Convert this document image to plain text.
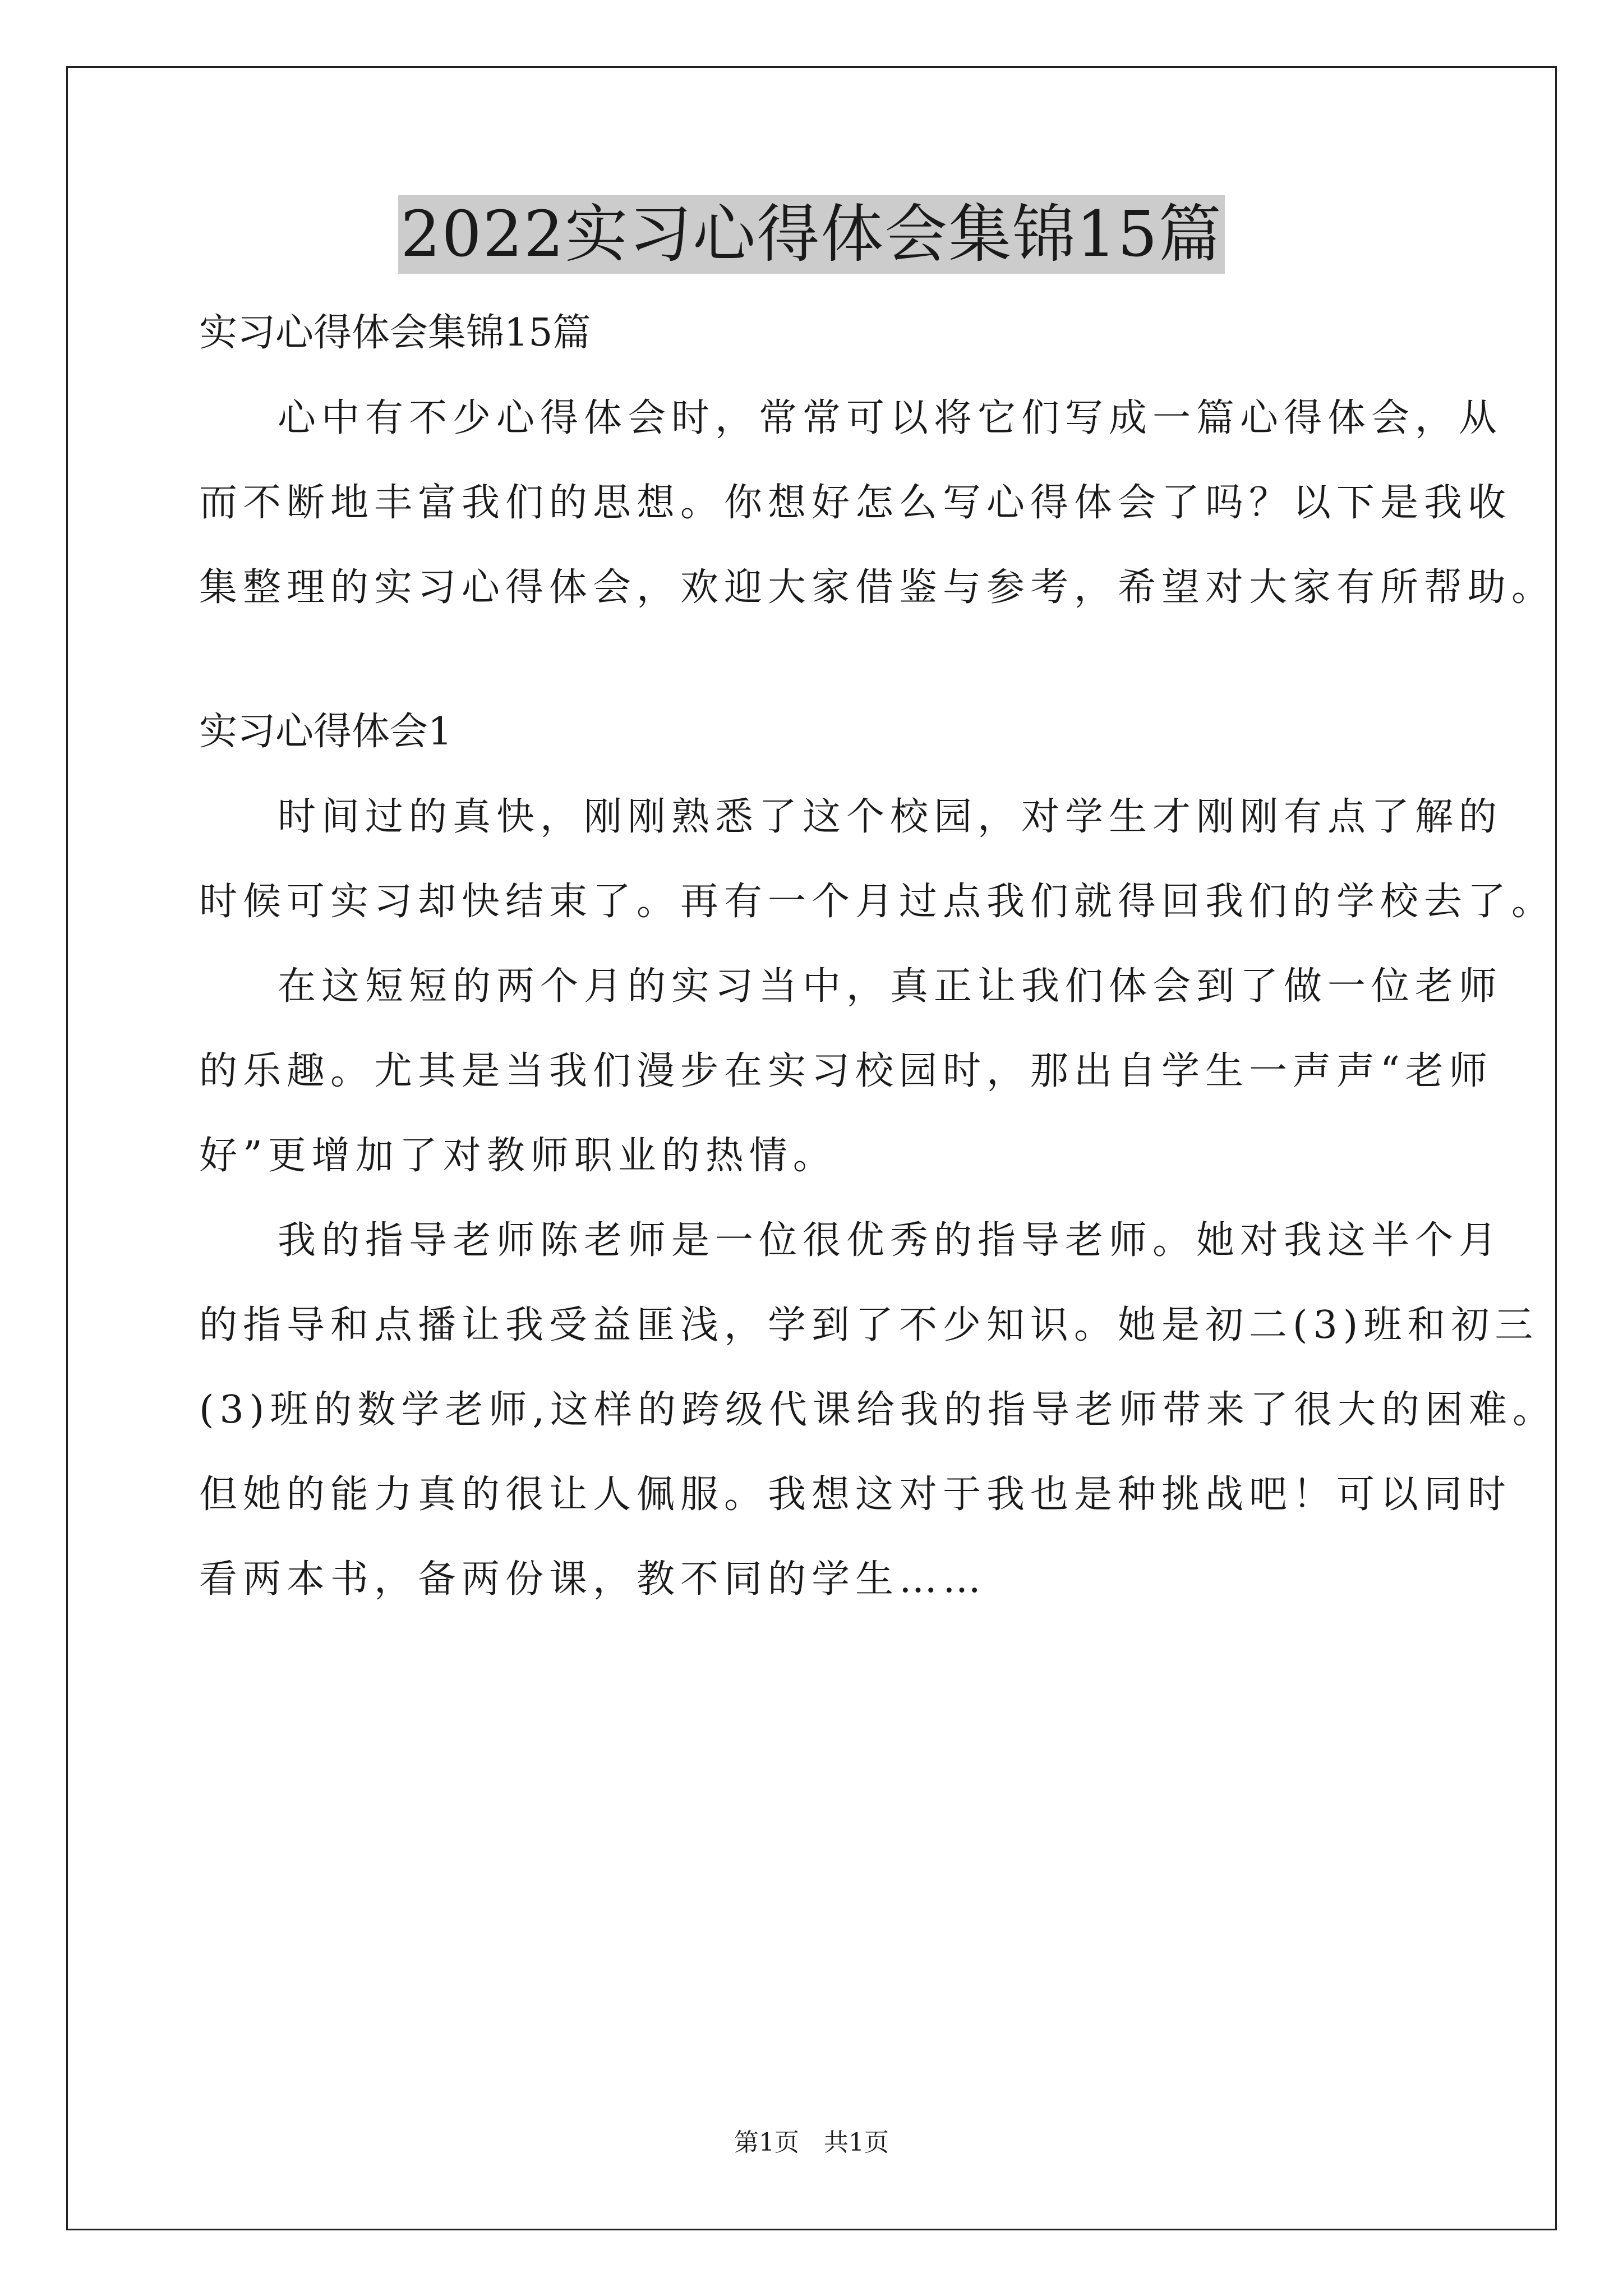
2022实习心得体会集锦15篇

实习心得体会集锦15篇

心中有不少心得体会时，常常可以将它们写成一篇心得体会，从

而不断地丰富我们的思想。你想好怎么写心得体会了吗？以下是我收

集整理的实习心得体会，欢迎大家借鉴与参考，希望对大家有所帮助。

实习心得体会1

时间过的真快，刚刚熟悉了这个校园，对学生才刚刚有点了解的

时候可实习却快结束了。再有一个月过点我们就得回我们的学校去了。

在这短短的两个月的实习当中，真正让我们体会到了做一位老师

的乐趣。尤其是当我们漫步在实习校园时，那出自学生一声声“老师

好”更增加了对教师职业的热情。

我的指导老师陈老师是一位很优秀的指导老师。她对我这半个月

的指导和点播让我受益匪浅，学到了不少知识。她是初二(3)班和初三

(3)班的数学老师,这样的跨级代课给我的指导老师带来了很大的困难。

但她的能力真的很让人佩服。我想这对于我也是种挑战吧！可以同时

看两本书，备两份课，教不同的学生……

第1页　共1页
